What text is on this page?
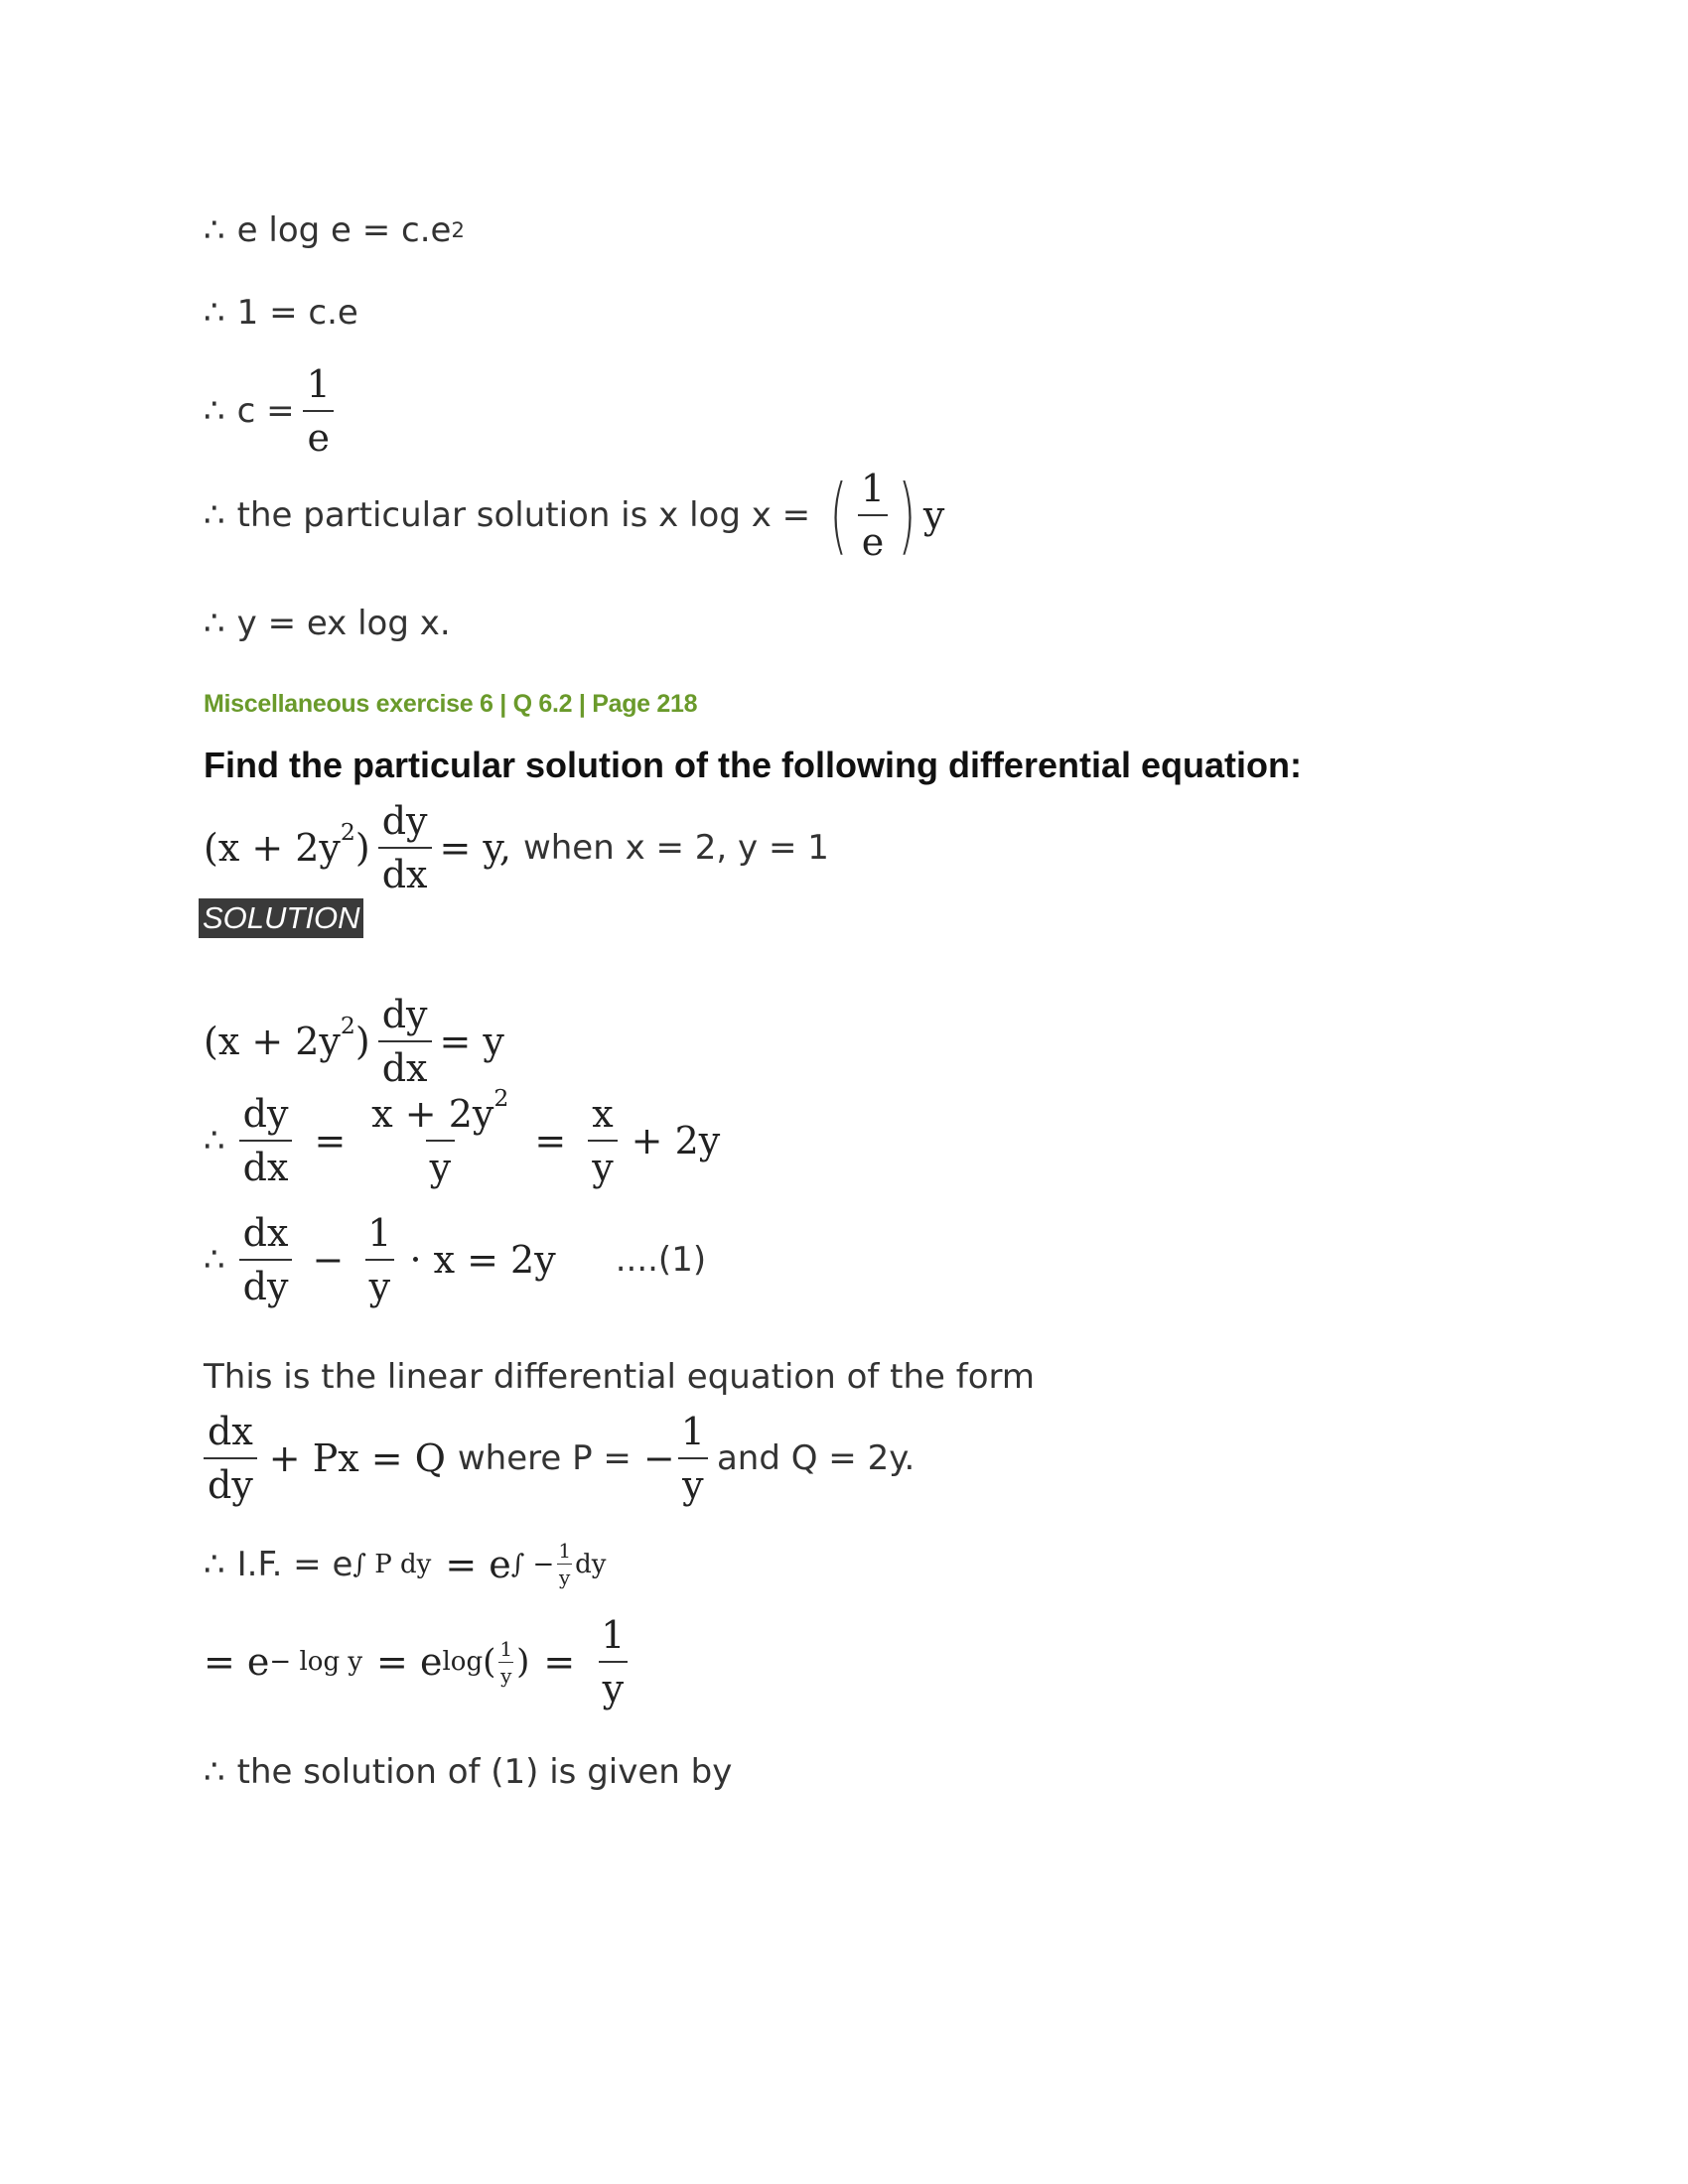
∴ e log e = c.e 2
∴ 1 = c.e
∴ $c = \frac{1}{e}$
∴ the particular solution is x log x = ( $\frac{1}{e}$ ) y
∴ y = ex log x.
Miscellaneous exercise 6 | Q 6.2 | Page 218
Find the particular solution of the following differential equation:
$(x + 2y^2) \frac{dy}{dx} = y$, when x = 2, y = 1
SOLUTION
$(x + 2y^2) \frac{dy}{dx} = y$
∴ $\frac{dy}{dx} = \frac{x + 2y^2}{y} = \frac{x}{y} + 2y$
∴ $\frac{dx}{dy} - \frac{1}{y} \cdot x = 2y$ ....(1)
This is the linear differential equation of the form
$\frac{dx}{dy} + Px = Q$ where P = − $\frac{1}{y}$ and Q = 2y.
∴ I.F. = e ∫ P dy = e ∫ − $\frac{1}{y}$ dy
= e − log y = e log ( $\frac{1}{y}$ ) = $\frac{1}{y}$
∴ the solution of (1) is given by
